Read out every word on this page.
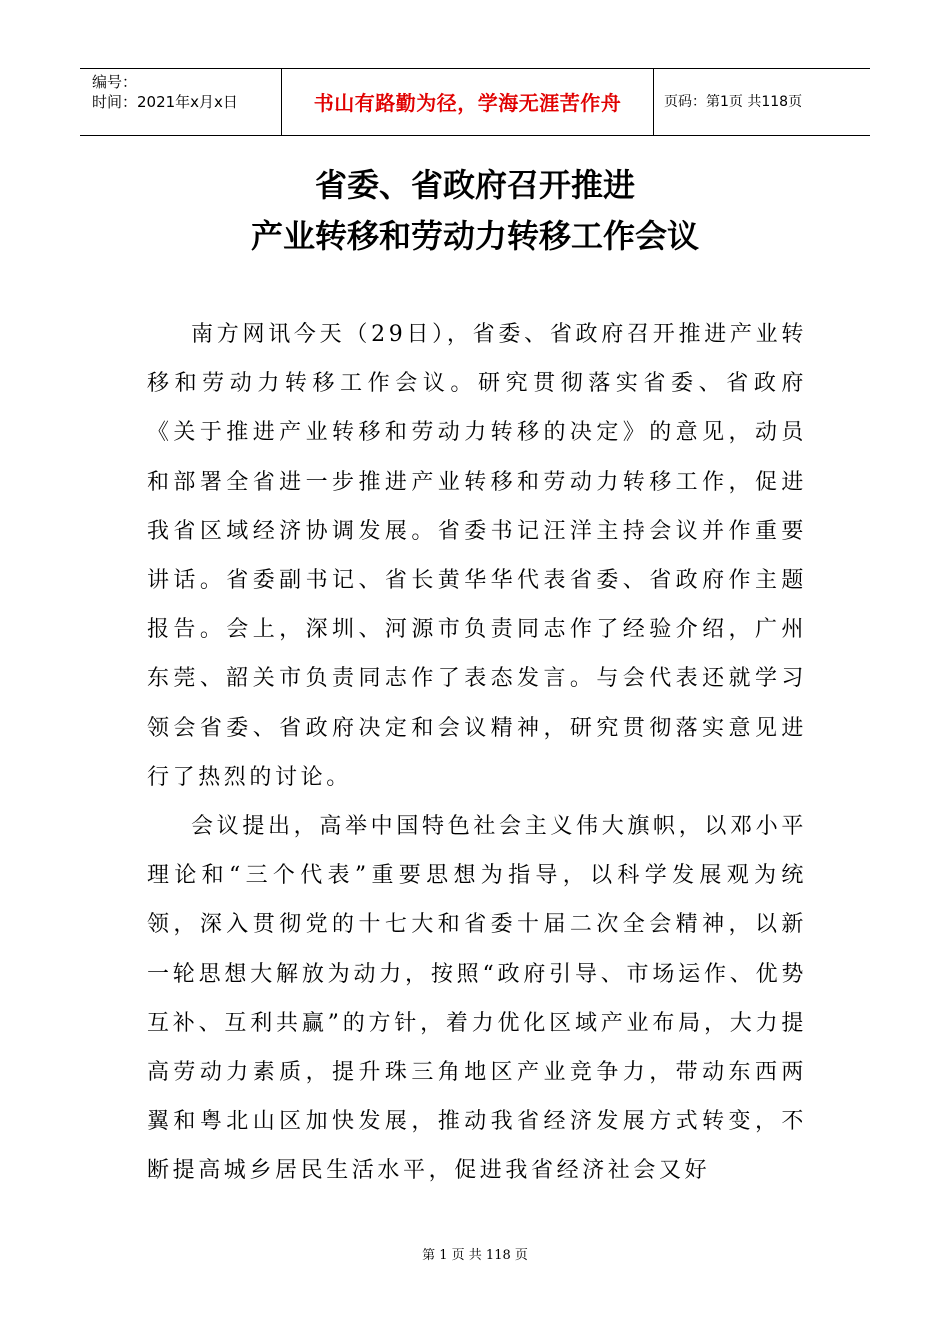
编号：
时间：2021年x月x日	书山有路勤为径，学海无涯苦作舟	页码：第1页 共118页
省委、省政府召开推进
产业转移和劳动力转移工作会议

南方网讯今天（29日），省委、省政府召开推进产业转移和劳动力转移工作会议。研究贯彻落实省委、省政府《关于推进产业转移和劳动力转移的决定》的意见，动员和部署全省进一步推进产业转移和劳动力转移工作，促进我省区域经济协调发展。省委书记汪洋主持会议并作重要讲话。省委副书记、省长黄华华代表省委、省政府作主题报告。会上，深圳、河源市负责同志作了经验介绍，广州东莞、韶关市负责同志作了表态发言。与会代表还就学习领会省委、省政府决定和会议精神，研究贯彻落实意见进行了热烈的讨论。

会议提出，高举中国特色社会主义伟大旗帜，以邓小平理论和“三个代表”重要思想为指导，以科学发展观为统领，深入贯彻党的十七大和省委十届二次全会精神，以新一轮思想大解放为动力，按照“政府引导、市场运作、优势互补、互利共赢”的方针，着力优化区域产业布局，大力提高劳动力素质，提升珠三角地区产业竞争力，带动东西两翼和粤北山区加快发展，推动我省经济发展方式转变，不断提高城乡居民生活水平，促进我省经济社会又好

第 1 页 共 118 页
